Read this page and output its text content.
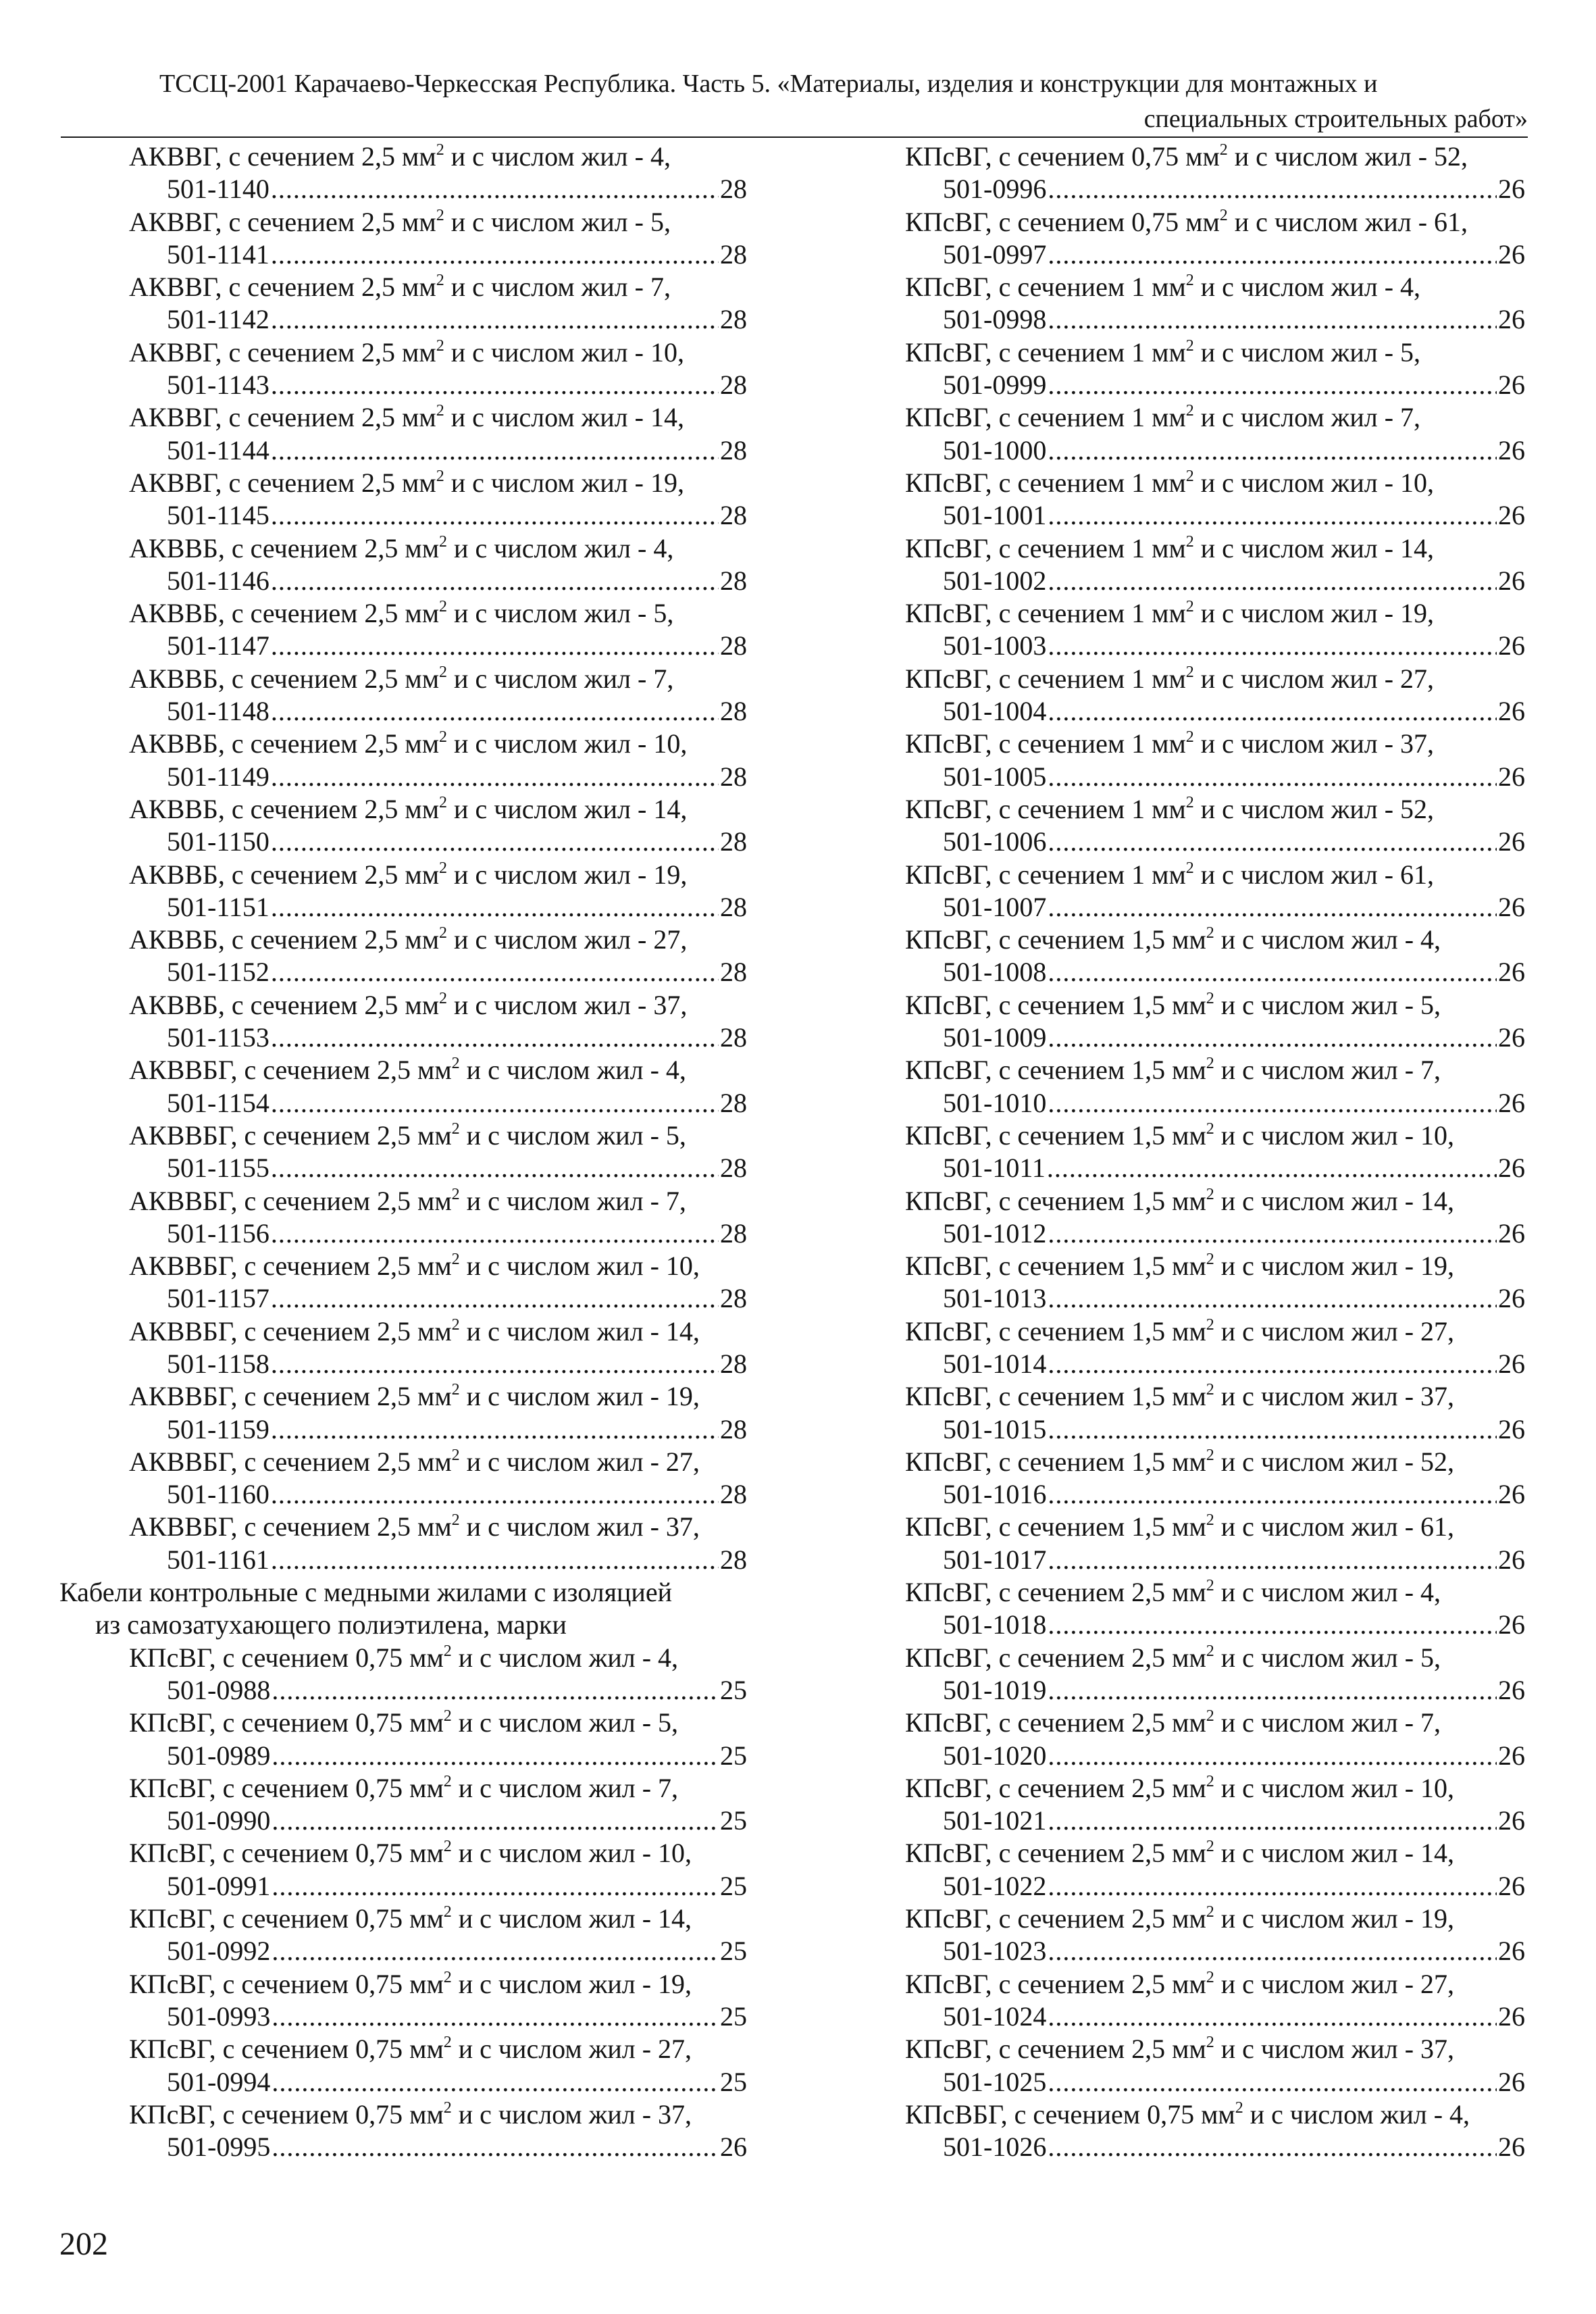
ТССЦ-2001 Карачаево-Черкесская Республика. Часть 5. «Материалы, изделия и конструкции для монтажных и
специальных строительных работ»
АКВВГ, с сечением 2,5 $мм^2$ и с числом жил - 4,
501-1140 .....	28
АКВВГ, с сечением 2,5 $мм^2$ и с числом жил - 5,
501-1141 .....	28
АКВВГ, с сечением 2,5 $мм^2$ и с числом жил - 7,
501-1142 .....	28
АКВВГ, с сечением 2,5 $мм^2$ и с числом жил - 10,
501-1143 .....	28
АКВВГ, с сечением 2,5 $мм^2$ и с числом жил - 14,
501-1144 .....	28
АКВВГ, с сечением 2,5 $мм^2$ и с числом жил - 19,
501-1145 .....	28
АКВВБ, с сечением 2,5 $мм^2$ и с числом жил - 4,
501-1146 .....	28
АКВВБ, с сечением 2,5 $мм^2$ и с числом жил - 5,
501-1147 .....	28
АКВВБ, с сечением 2,5 $мм^2$ и с числом жил - 7,
501-1148 .....	28
АКВВБ, с сечением 2,5 $мм^2$ и с числом жил - 10,
501-1149 .....	28
АКВВБ, с сечением 2,5 $мм^2$ и с числом жил - 14,
501-1150 .....	28
АКВВБ, с сечением 2,5 $мм^2$ и с числом жил - 19,
501-1151 .....	28
АКВВБ, с сечением 2,5 $мм^2$ и с числом жил - 27,
501-1152 .....	28
АКВВБ, с сечением 2,5 $мм^2$ и с числом жил - 37,
501-1153 .....	28
АКВВБГ, с сечением 2,5 $мм^2$ и с числом жил - 4,
501-1154 .....	28
АКВВБГ, с сечением 2,5 $мм^2$ и с числом жил - 5,
501-1155 .....	28
АКВВБГ, с сечением 2,5 $мм^2$ и с числом жил - 7,
501-1156 .....	28
АКВВБГ, с сечением 2,5 $мм^2$ и с числом жил - 10,
501-1157 .....	28
АКВВБГ, с сечением 2,5 $мм^2$ и с числом жил - 14,
501-1158 .....	28
АКВВБГ, с сечением 2,5 $мм^2$ и с числом жил - 19,
501-1159 .....	28
АКВВБГ, с сечением 2,5 $мм^2$ и с числом жил - 27,
501-1160 .....	28
АКВВБГ, с сечением 2,5 $мм^2$ и с числом жил - 37,
501-1161 .....	28
Кабели контрольные с медными жилами с изоляцией
из самозатухающего полиэтилена, марки
КПсВГ, с сечением 0,75 $мм^2$ и с числом жил - 4,
501-0988 .....	25
КПсВГ, с сечением 0,75 $мм^2$ и с числом жил - 5,
501-0989 .....	25
КПсВГ, с сечением 0,75 $мм^2$ и с числом жил - 7,
501-0990 .....	25
КПсВГ, с сечением 0,75 $мм^2$ и с числом жил - 10,
501-0991 .....	25
КПсВГ, с сечением 0,75 $мм^2$ и с числом жил - 14,
501-0992 .....	25
КПсВГ, с сечением 0,75 $мм^2$ и с числом жил - 19,
501-0993 .....	25
КПсВГ, с сечением 0,75 $мм^2$ и с числом жил - 27,
501-0994 .....	25
КПсВГ, с сечением 0,75 $мм^2$ и с числом жил - 37,
501-0995 .....	26
КПсВГ, с сечением 0,75 $мм^2$ и с числом жил - 52,
501-0996 .....	26
КПсВГ, с сечением 0,75 $мм^2$ и с числом жил - 61,
501-0997 .....	26
КПсВГ, с сечением 1 $мм^2$ и с числом жил - 4,
501-0998 .....	26
КПсВГ, с сечением 1 $мм^2$ и с числом жил - 5,
501-0999 .....	26
КПсВГ, с сечением 1 $мм^2$ и с числом жил - 7,
501-1000 .....	26
КПсВГ, с сечением 1 $мм^2$ и с числом жил - 10,
501-1001 .....	26
КПсВГ, с сечением 1 $мм^2$ и с числом жил - 14,
501-1002 .....	26
КПсВГ, с сечением 1 $мм^2$ и с числом жил - 19,
501-1003 .....	26
КПсВГ, с сечением 1 $мм^2$ и с числом жил - 27,
501-1004 .....	26
КПсВГ, с сечением 1 $мм^2$ и с числом жил - 37,
501-1005 .....	26
КПсВГ, с сечением 1 $мм^2$ и с числом жил - 52,
501-1006 .....	26
КПсВГ, с сечением 1 $мм^2$ и с числом жил - 61,
501-1007 .....	26
КПсВГ, с сечением 1,5 $мм^2$ и с числом жил - 4,
501-1008 .....	26
КПсВГ, с сечением 1,5 $мм^2$ и с числом жил - 5,
501-1009 .....	26
КПсВГ, с сечением 1,5 $мм^2$ и с числом жил - 7,
501-1010 .....	26
КПсВГ, с сечением 1,5 $мм^2$ и с числом жил - 10,
501-1011 .....	26
КПсВГ, с сечением 1,5 $мм^2$ и с числом жил - 14,
501-1012 .....	26
КПсВГ, с сечением 1,5 $мм^2$ и с числом жил - 19,
501-1013 .....	26
КПсВГ, с сечением 1,5 $мм^2$ и с числом жил - 27,
501-1014 .....	26
КПсВГ, с сечением 1,5 $мм^2$ и с числом жил - 37,
501-1015 .....	26
КПсВГ, с сечением 1,5 $мм^2$ и с числом жил - 52,
501-1016 .....	26
КПсВГ, с сечением 1,5 $мм^2$ и с числом жил - 61,
501-1017 .....	26
КПсВГ, с сечением 2,5 $мм^2$ и с числом жил - 4,
501-1018 .....	26
КПсВГ, с сечением 2,5 $мм^2$ и с числом жил - 5,
501-1019 .....	26
КПсВГ, с сечением 2,5 $мм^2$ и с числом жил - 7,
501-1020 .....	26
КПсВГ, с сечением 2,5 $мм^2$ и с числом жил - 10,
501-1021 .....	26
КПсВГ, с сечением 2,5 $мм^2$ и с числом жил - 14,
501-1022 .....	26
КПсВГ, с сечением 2,5 $мм^2$ и с числом жил - 19,
501-1023 .....	26
КПсВГ, с сечением 2,5 $мм^2$ и с числом жил - 27,
501-1024 .....	26
КПсВГ, с сечением 2,5 $мм^2$ и с числом жил - 37,
501-1025 .....	26
КПсВБГ, с сечением 0,75 $мм^2$ и с числом жил - 4,
501-1026 .....	26
202
